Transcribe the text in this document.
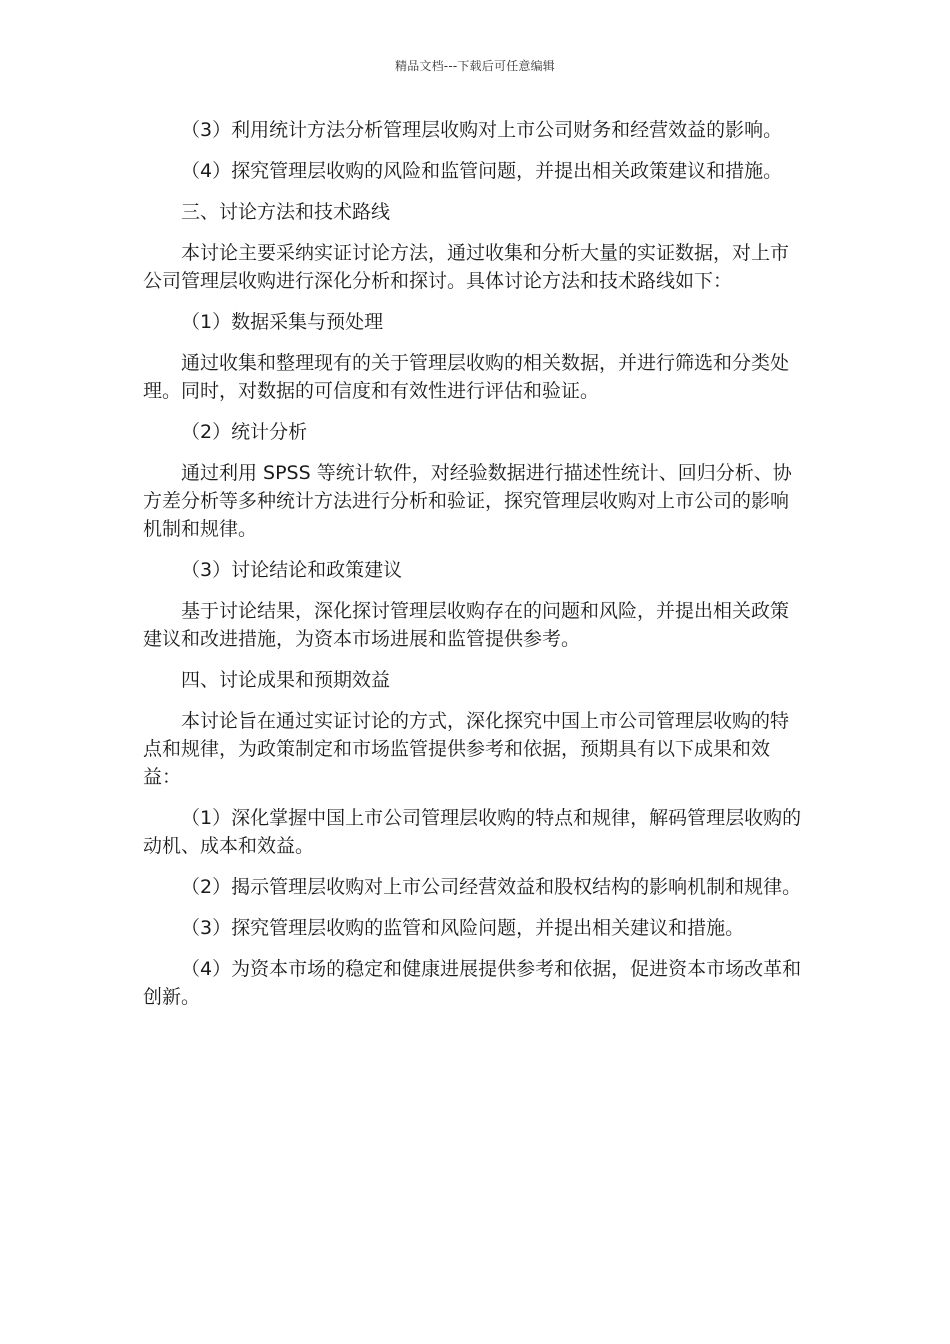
精品文档---下载后可任意编辑

（3）利用统计方法分析管理层收购对上市公司财务和经营效益的影响。

（4）探究管理层收购的风险和监管问题，并提出相关政策建议和措施。

三、讨论方法和技术路线

本讨论主要采纳实证讨论方法，通过收集和分析大量的实证数据，对上市公司管理层收购进行深化分析和探讨。具体讨论方法和技术路线如下：

（1）数据采集与预处理

通过收集和整理现有的关于管理层收购的相关数据，并进行筛选和分类处理。同时，对数据的可信度和有效性进行评估和验证。

（2）统计分析

通过利用 SPSS 等统计软件，对经验数据进行描述性统计、回归分析、协方差分析等多种统计方法进行分析和验证，探究管理层收购对上市公司的影响机制和规律。

（3）讨论结论和政策建议

基于讨论结果，深化探讨管理层收购存在的问题和风险，并提出相关政策建议和改进措施，为资本市场进展和监管提供参考。

四、讨论成果和预期效益

本讨论旨在通过实证讨论的方式，深化探究中国上市公司管理层收购的特点和规律，为政策制定和市场监管提供参考和依据，预期具有以下成果和效益：

（1）深化掌握中国上市公司管理层收购的特点和规律，解码管理层收购的动机、成本和效益。

（2）揭示管理层收购对上市公司经营效益和股权结构的影响机制和规律。

（3）探究管理层收购的监管和风险问题，并提出相关建议和措施。

（4）为资本市场的稳定和健康进展提供参考和依据，促进资本市场改革和创新。
